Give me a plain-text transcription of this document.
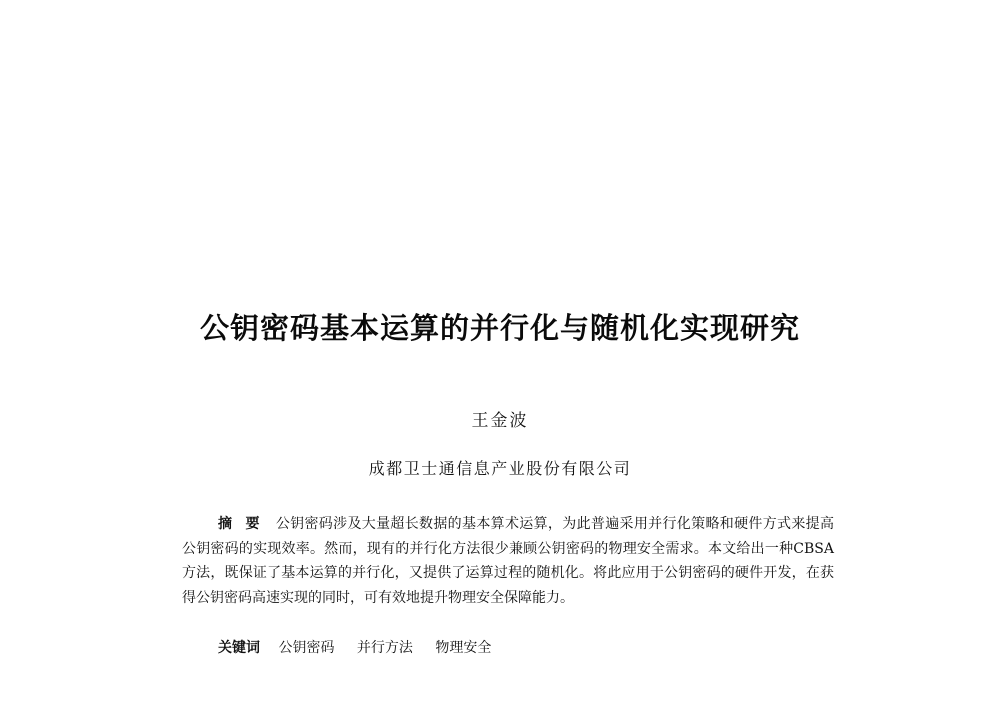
公钥密码基本运算的并行化与随机化实现研究
王金波
成都卫士通信息产业股份有限公司

摘 要 公钥密码涉及大量超长数据的基本算术运算，为此普遍采用并行化策略和硬件方式来提高公钥密码的实现效率。然而，现有的并行化方法很少兼顾公钥密码的物理安全需求。本文给出一种CBSA方法，既保证了基本运算的并行化，又提供了运算过程的随机化。将此应用于公钥密码的硬件开发，在获得公钥密码高速实现的同时，可有效地提升物理安全保障能力。

关键词 公钥密码 并行方法 物理安全
